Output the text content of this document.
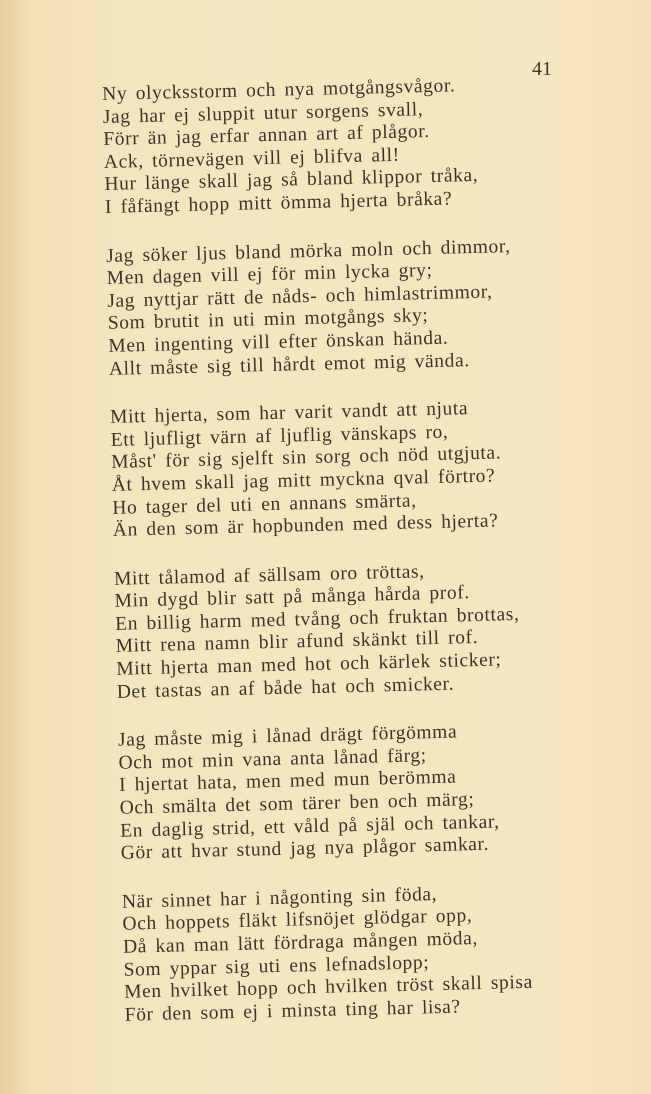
41
Ny olycksstorm och nya motgångsvågor.
Jag har ej sluppit utur sorgens svall,
Förr än jag erfar annan art af plågor.
Ack, törnevägen vill ej blifva all!
Hur länge skall jag så bland klippor tråka,
I fåfängt hopp mitt ömma hjerta bråka?
Jag söker ljus bland mörka moln och dimmor,
Men dagen vill ej för min lycka gry;
Jag nyttjar rätt de nåds- och himlastrimmor,
Som brutit in uti min motgångs sky;
Men ingenting vill efter önskan hända.
Allt måste sig till hårdt emot mig vända.
Mitt hjerta, som har varit vandt att njuta
Ett ljufligt värn af ljuflig vänskaps ro,
Måst' för sig sjelft sin sorg och nöd utgjuta.
Åt hvem skall jag mitt myckna qval förtro?
Ho tager del uti en annans smärta,
Än den som är hopbunden med dess hjerta?
Mitt tålamod af sällsam oro tröttas,
Min dygd blir satt på många hårda prof.
En billig harm med tvång och fruktan brottas,
Mitt rena namn blir afund skänkt till rof.
Mitt hjerta man med hot och kärlek sticker;
Det tastas an af både hat och smicker.
Jag måste mig i lånad drägt förgömma
Och mot min vana anta lånad färg;
I hjertat hata, men med mun berömma
Och smälta det som tärer ben och märg;
En daglig strid, ett våld på själ och tankar,
Gör att hvar stund jag nya plågor samkar.
När sinnet har i någonting sin föda,
Och hoppets fläkt lifsnöjet glödgar opp,
Då kan man lätt fördraga mången möda,
Som yppar sig uti ens lefnadslopp;
Men hvilket hopp och hvilken tröst skall spisa
För den som ej i minsta ting har lisa?
